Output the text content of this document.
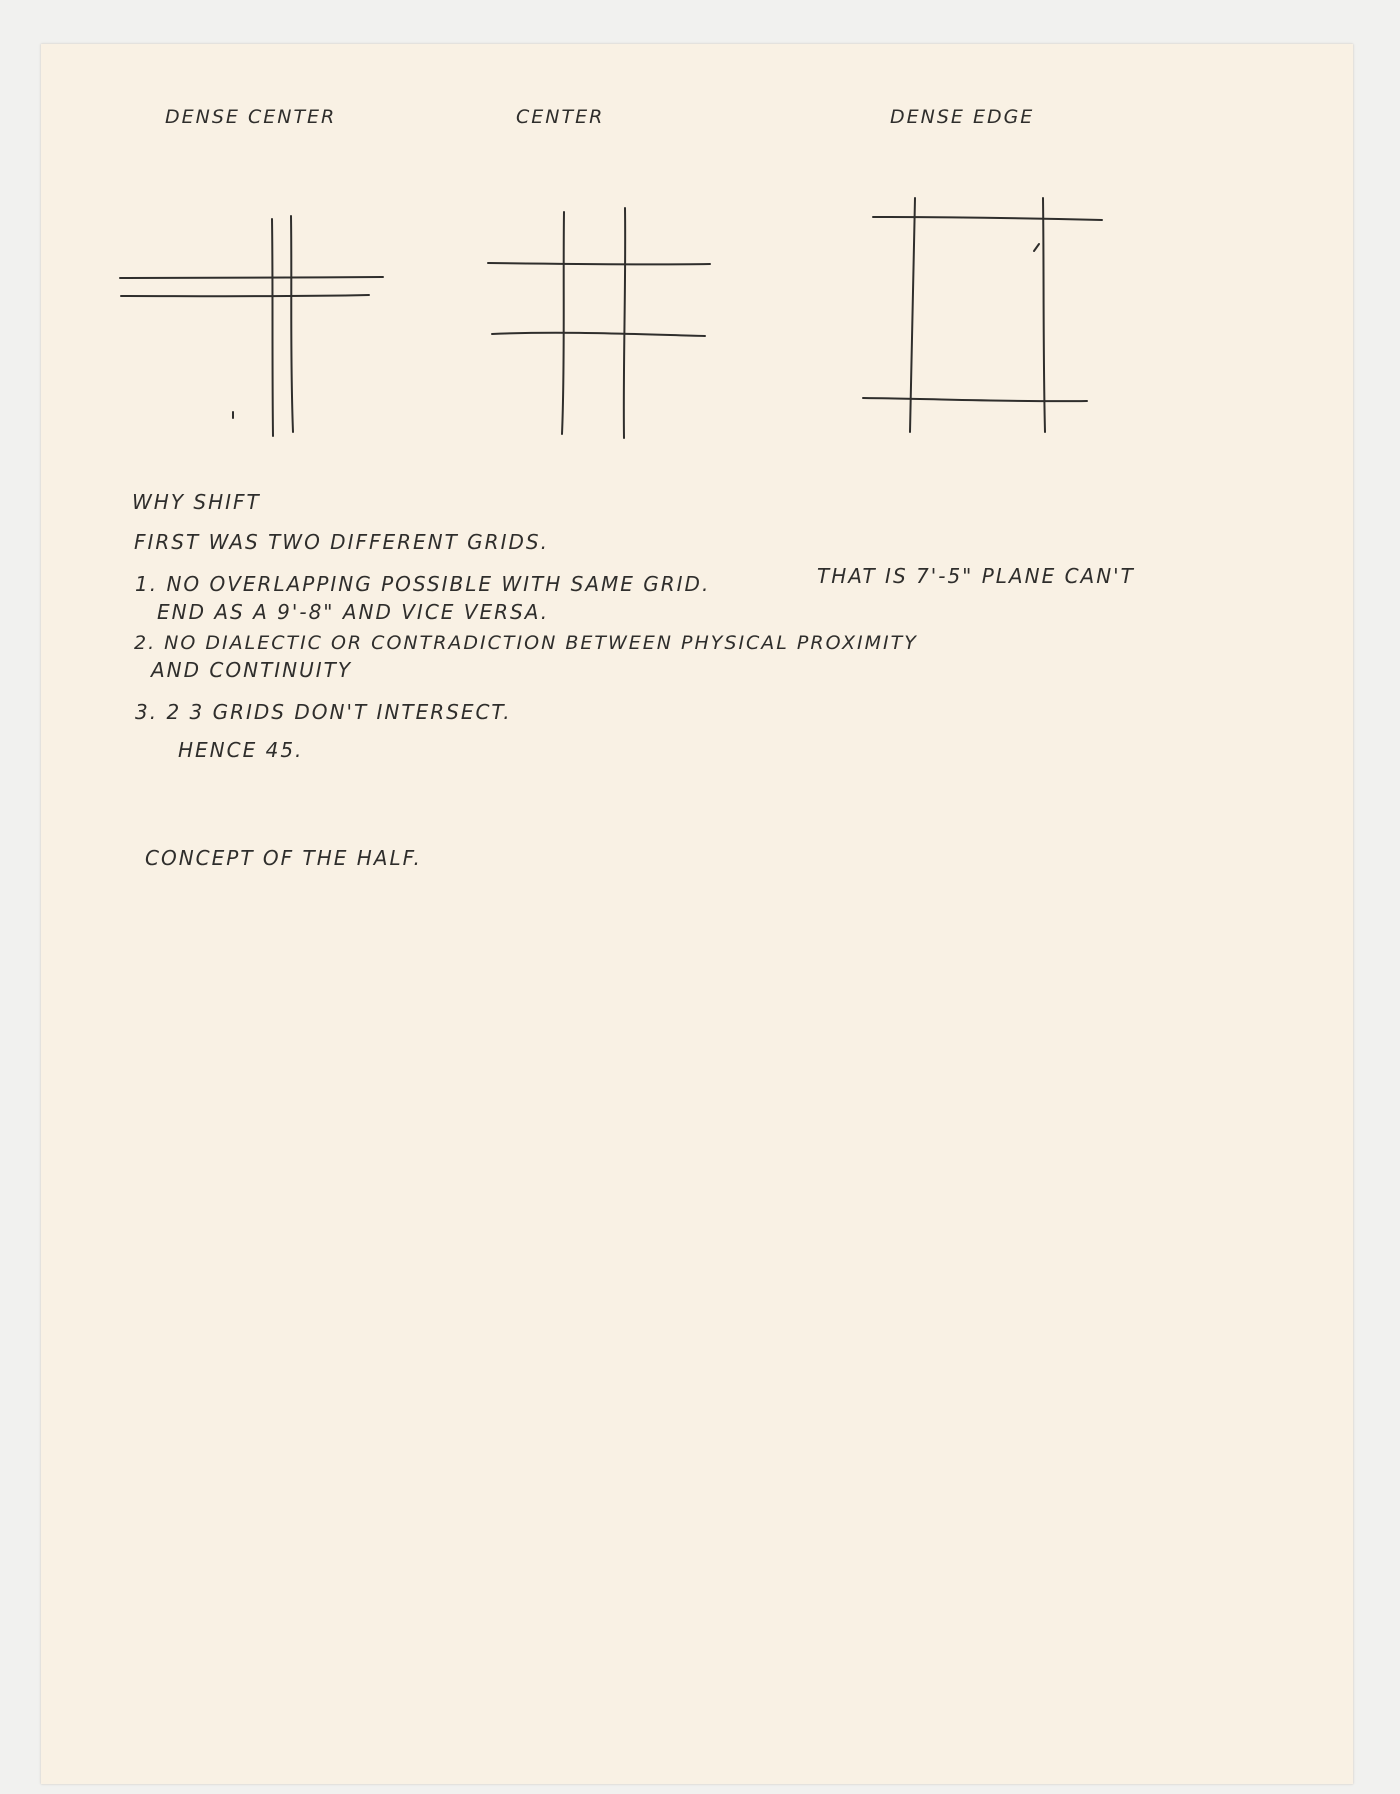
DENSE CENTER	CENTER	DENSE EDGE
WHY SHIFT
FIRST WAS TWO DIFFERENT GRIDS.
1. NO OVERLAPPING POSSIBLE WITH SAME GRID.	THAT IS 7'-5" PLANE CAN'T
END AS A 9'-8" AND VICE VERSA.
2. NO DIALECTIC OR CONTRADICTION BETWEEN PHYSICAL PROXIMITY
AND CONTINUITY
3. 2 3 GRIDS DON'T INTERSECT.
HENCE 45.
CONCEPT OF THE HALF.
